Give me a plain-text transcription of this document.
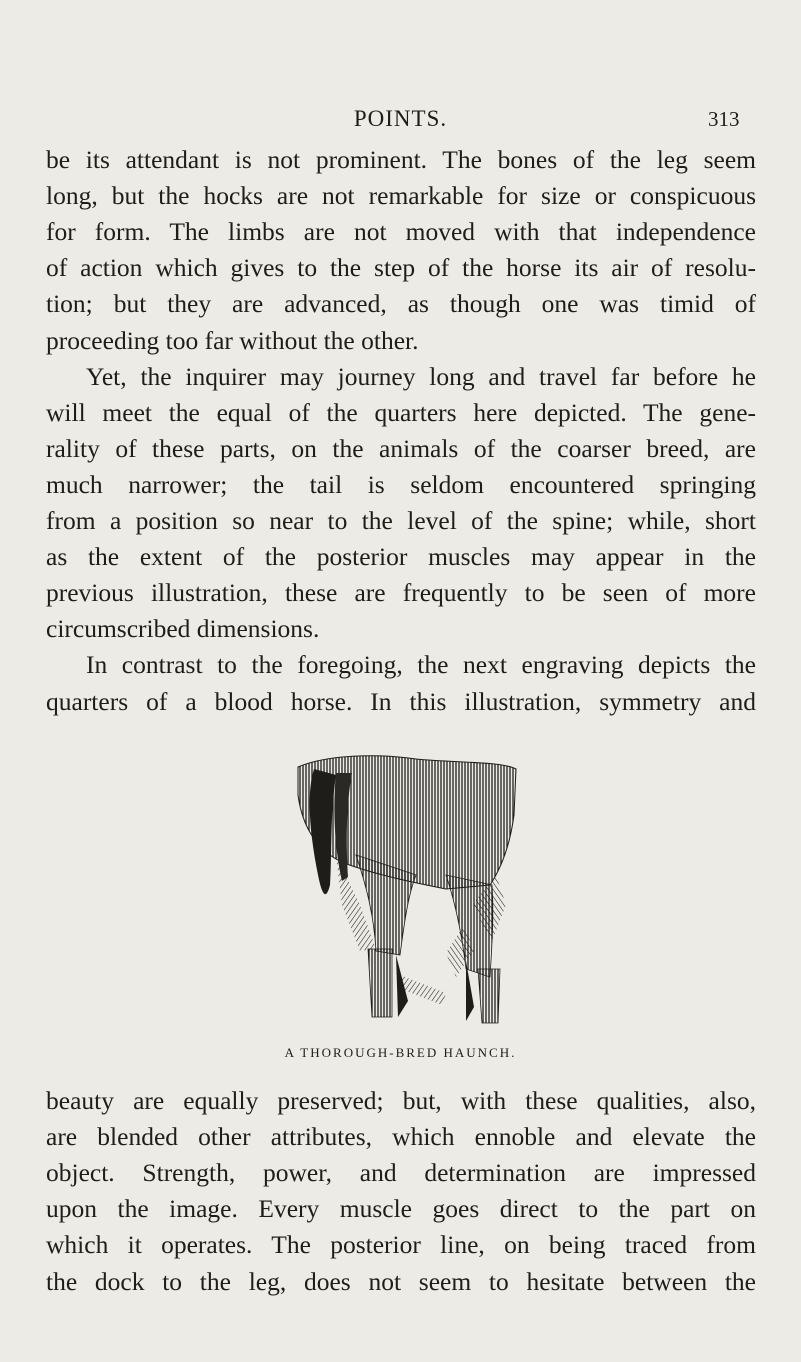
POINTS.	313
be its attendant is not prominent. The bones of the leg seem
long, but the hocks are not remarkable for size or conspicuous
for form. The limbs are not moved with that independence
of action which gives to the step of the horse its air of resolu-
tion; but they are advanced, as though one was timid of
proceeding too far without the other.
Yet, the inquirer may journey long and travel far before he
will meet the equal of the quarters here depicted. The gene-
rality of these parts, on the animals of the coarser breed, are
much narrower; the tail is seldom encountered springing
from a position so near to the level of the spine; while, short
as the extent of the posterior muscles may appear in the
previous illustration, these are frequently to be seen of more
circumscribed dimensions.
In contrast to the foregoing, the next engraving depicts the
quarters of a blood horse. In this illustration, symmetry and
A THOROUGH-BRED HAUNCH.
beauty are equally preserved; but, with these qualities, also,
are blended other attributes, which ennoble and elevate the
object. Strength, power, and determination are impressed
upon the image. Every muscle goes direct to the part on
which it operates. The posterior line, on being traced from
the dock to the leg, does not seem to hesitate between the
